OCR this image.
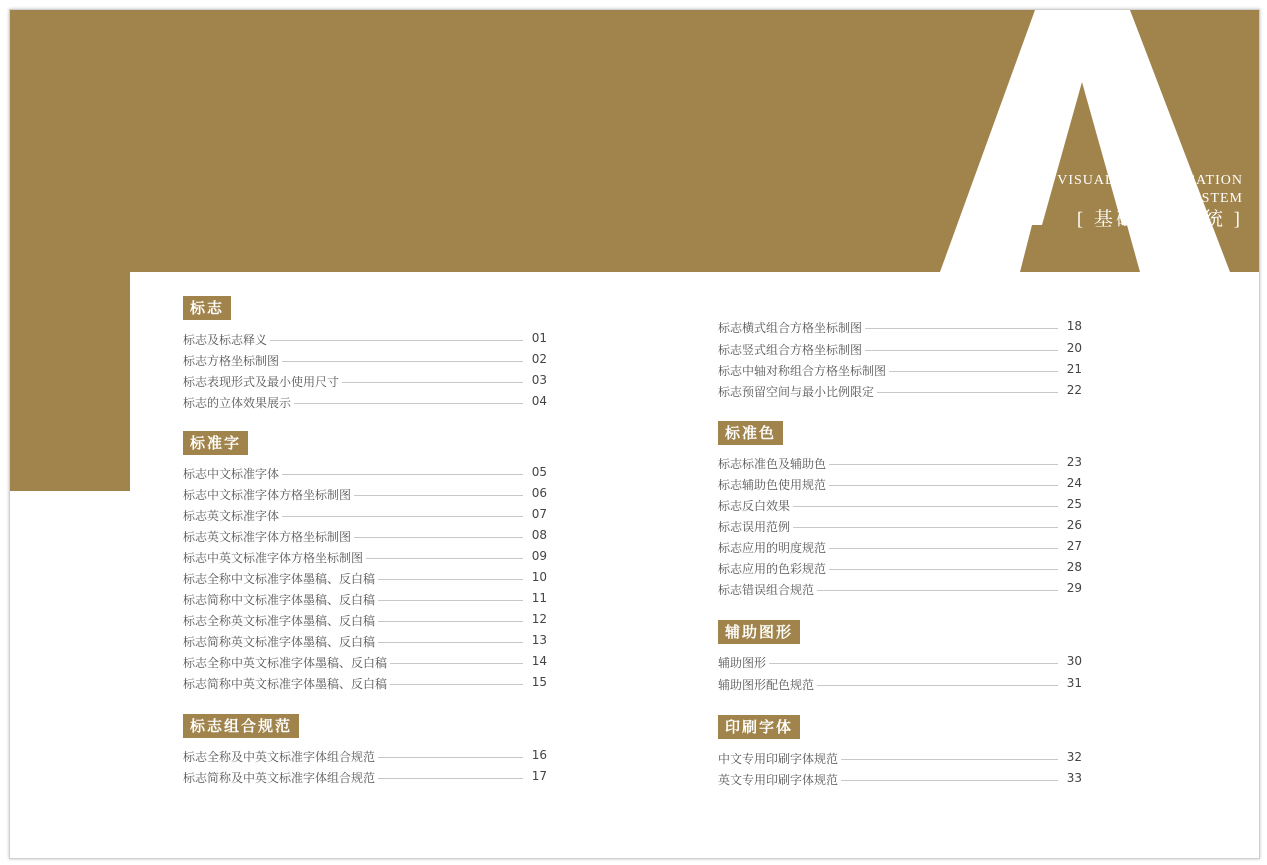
VISUAL IDENTIFICATION
SYSTEM
[ 基础要素系统 ]
标志
标志及标志释义	01
标志方格坐标制图	02
标志表现形式及最小使用尺寸	03
标志的立体效果展示	04
标准字
标志中文标准字体	05
标志中文标准字体方格坐标制图	06
标志英文标准字体	07
标志英文标准字体方格坐标制图	08
标志中英文标准字体方格坐标制图	09
标志全称中文标准字体墨稿、反白稿	10
标志简称中文标准字体墨稿、反白稿	11
标志全称英文标准字体墨稿、反白稿	12
标志简称英文标准字体墨稿、反白稿	13
标志全称中英文标准字体墨稿、反白稿	14
标志简称中英文标准字体墨稿、反白稿	15
标志组合规范
标志全称及中英文标准字体组合规范	16
标志简称及中英文标准字体组合规范	17
标志横式组合方格坐标制图	18
标志竖式组合方格坐标制图	20
标志中轴对称组合方格坐标制图	21
标志预留空间与最小比例限定	22
标准色
标志标准色及辅助色	23
标志辅助色使用规范	24
标志反白效果	25
标志误用范例	26
标志应用的明度规范	27
标志应用的色彩规范	28
标志错误组合规范	29
辅助图形
辅助图形	30
辅助图形配色规范	31
印刷字体
中文专用印刷字体规范	32
英文专用印刷字体规范	33
